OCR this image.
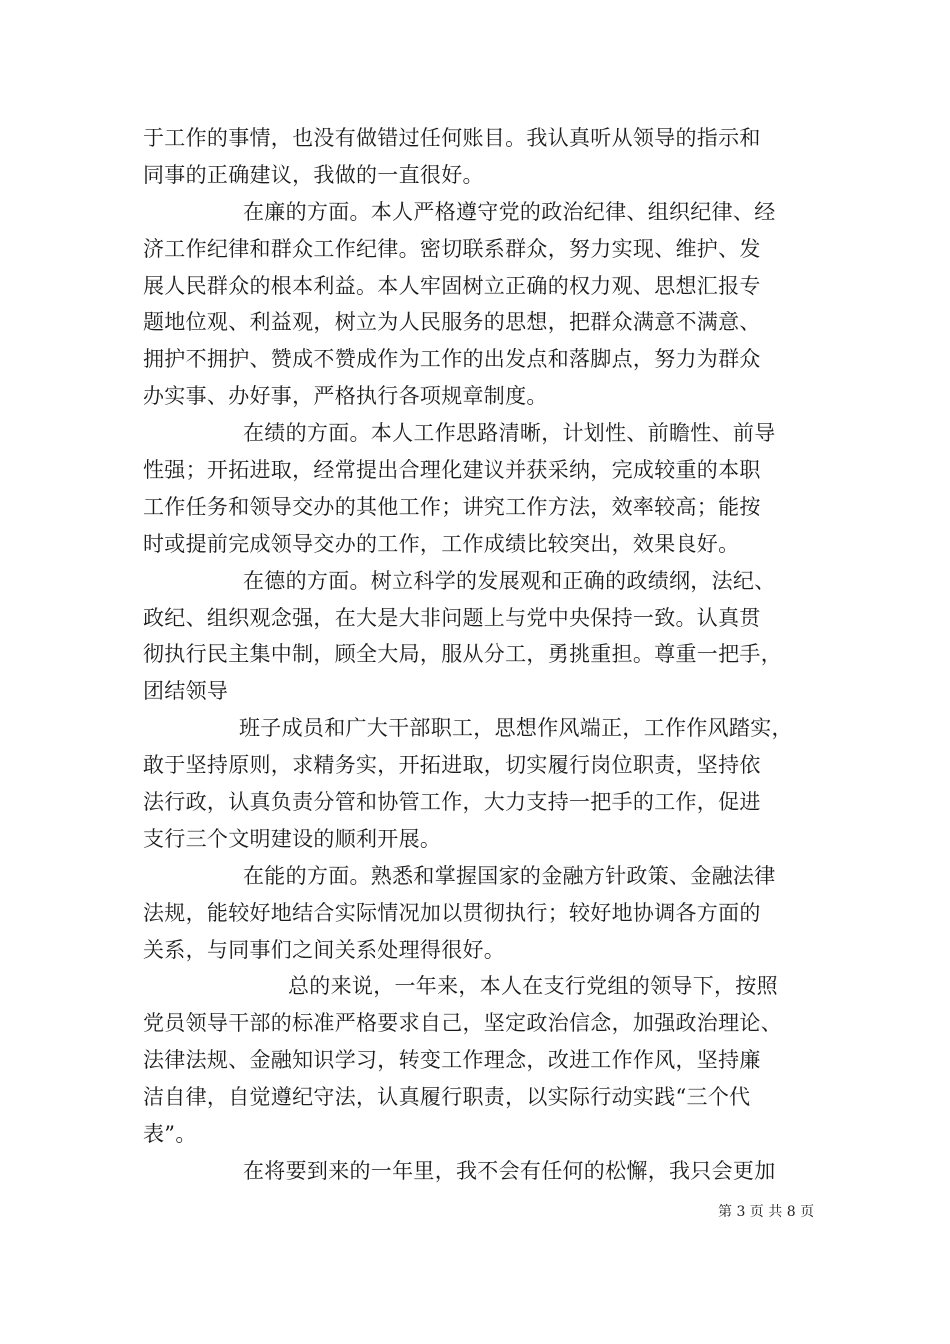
于工作的事情，也没有做错过任何账目。我认真听从领导的指示和
同事的正确建议，我做的一直很好。
在廉的方面。本人严格遵守党的政治纪律、组织纪律、经
济工作纪律和群众工作纪律。密切联系群众，努力实现、维护、发
展人民群众的根本利益。本人牢固树立正确的权力观、思想汇报专
题地位观、利益观，树立为人民服务的思想，把群众满意不满意、
拥护不拥护、赞成不赞成作为工作的出发点和落脚点，努力为群众
办实事、办好事，严格执行各项规章制度。
在绩的方面。本人工作思路清晰，计划性、前瞻性、前导
性强；开拓进取，经常提出合理化建议并获采纳，完成较重的本职
工作任务和领导交办的其他工作；讲究工作方法，效率较高；能按
时或提前完成领导交办的工作，工作成绩比较突出，效果良好。
在德的方面。树立科学的发展观和正确的政绩纲，法纪、
政纪、组织观念强，在大是大非问题上与党中央保持一致。认真贯
彻执行民主集中制，顾全大局，服从分工，勇挑重担。尊重一把手，
团结领导
班子成员和广大干部职工，思想作风端正，工作作风踏实，
敢于坚持原则，求精务实，开拓进取，切实履行岗位职责，坚持依
法行政，认真负责分管和协管工作，大力支持一把手的工作，促进
支行三个文明建设的顺利开展。
在能的方面。熟悉和掌握国家的金融方针政策、金融法律
法规，能较好地结合实际情况加以贯彻执行；较好地协调各方面的
关系，与同事们之间关系处理得很好。
总的来说，一年来，本人在支行党组的领导下，按照
党员领导干部的标准严格要求自己，坚定政治信念，加强政治理论、
法律法规、金融知识学习，转变工作理念，改进工作作风，坚持廉
洁自律，自觉遵纪守法，认真履行职责，以实际行动实践“三个代
表”。
在将要到来的一年里，我不会有任何的松懈，我只会更加
第 3 页 共 8 页
